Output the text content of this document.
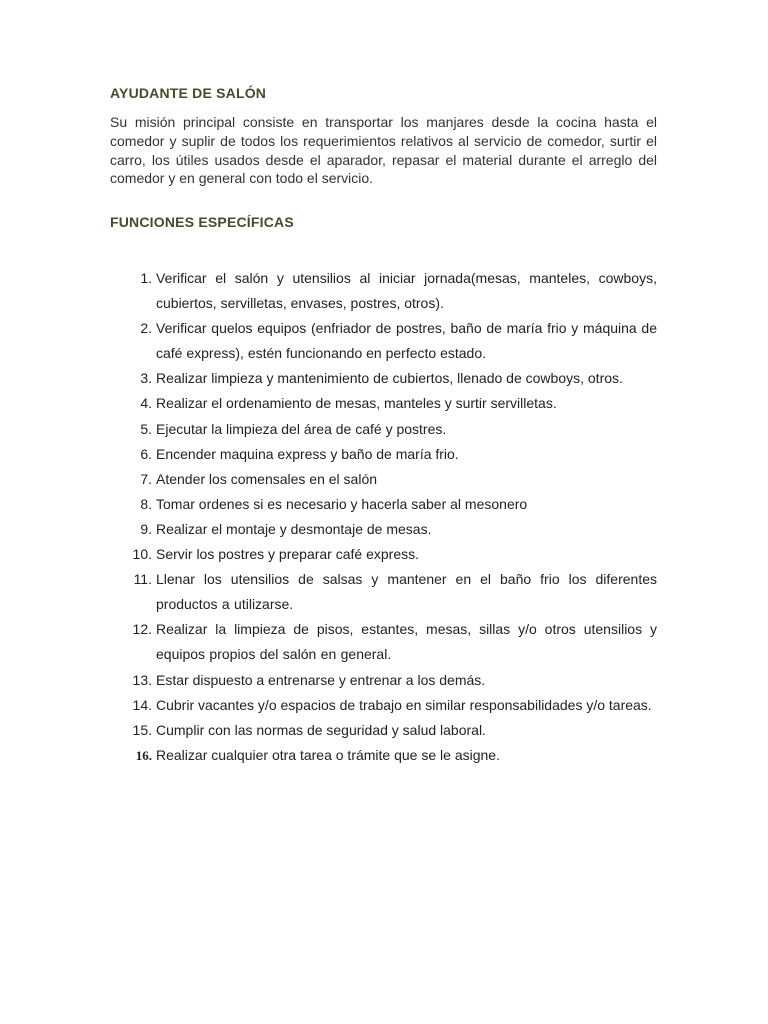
AYUDANTE DE SALÓN

Su misión principal consiste en transportar los manjares desde la cocina hasta el comedor y suplir de todos los requerimientos relativos al servicio de comedor, surtir el carro, los útiles usados desde el aparador, repasar el material durante el arreglo del comedor y en general con todo el servicio.

FUNCIONES ESPECÍFICAS
1. Verificar el salón y utensilios al iniciar jornada(mesas, manteles, cowboys, cubiertos, servilletas, envases, postres, otros).
2. Verificar quelos equipos (enfriador de postres, baño de maría frio y máquina de café express), estén funcionando en perfecto estado.
3. Realizar limpieza y mantenimiento de cubiertos, llenado de cowboys, otros.
4. Realizar el ordenamiento de mesas, manteles y surtir servilletas.
5. Ejecutar la limpieza del área de café y postres.
6. Encender maquina express y baño de maría frio.
7. Atender los comensales en el salón
8. Tomar ordenes si es necesario y hacerla saber al mesonero
9. Realizar el montaje y desmontaje de mesas.
10. Servir los postres y preparar café express.
11. Llenar los utensilios de salsas y mantener en el baño frio los diferentes productos a utilizarse.
12. Realizar la limpieza de pisos, estantes, mesas, sillas y/o otros utensilios y equipos propios del salón en general.
13. Estar dispuesto a entrenarse y entrenar a los demás.
14. Cubrir vacantes y/o espacios de trabajo en similar responsabilidades y/o tareas.
15. Cumplir con las normas de seguridad y salud laboral.
16. Realizar cualquier otra tarea o trámite que se le asigne.
